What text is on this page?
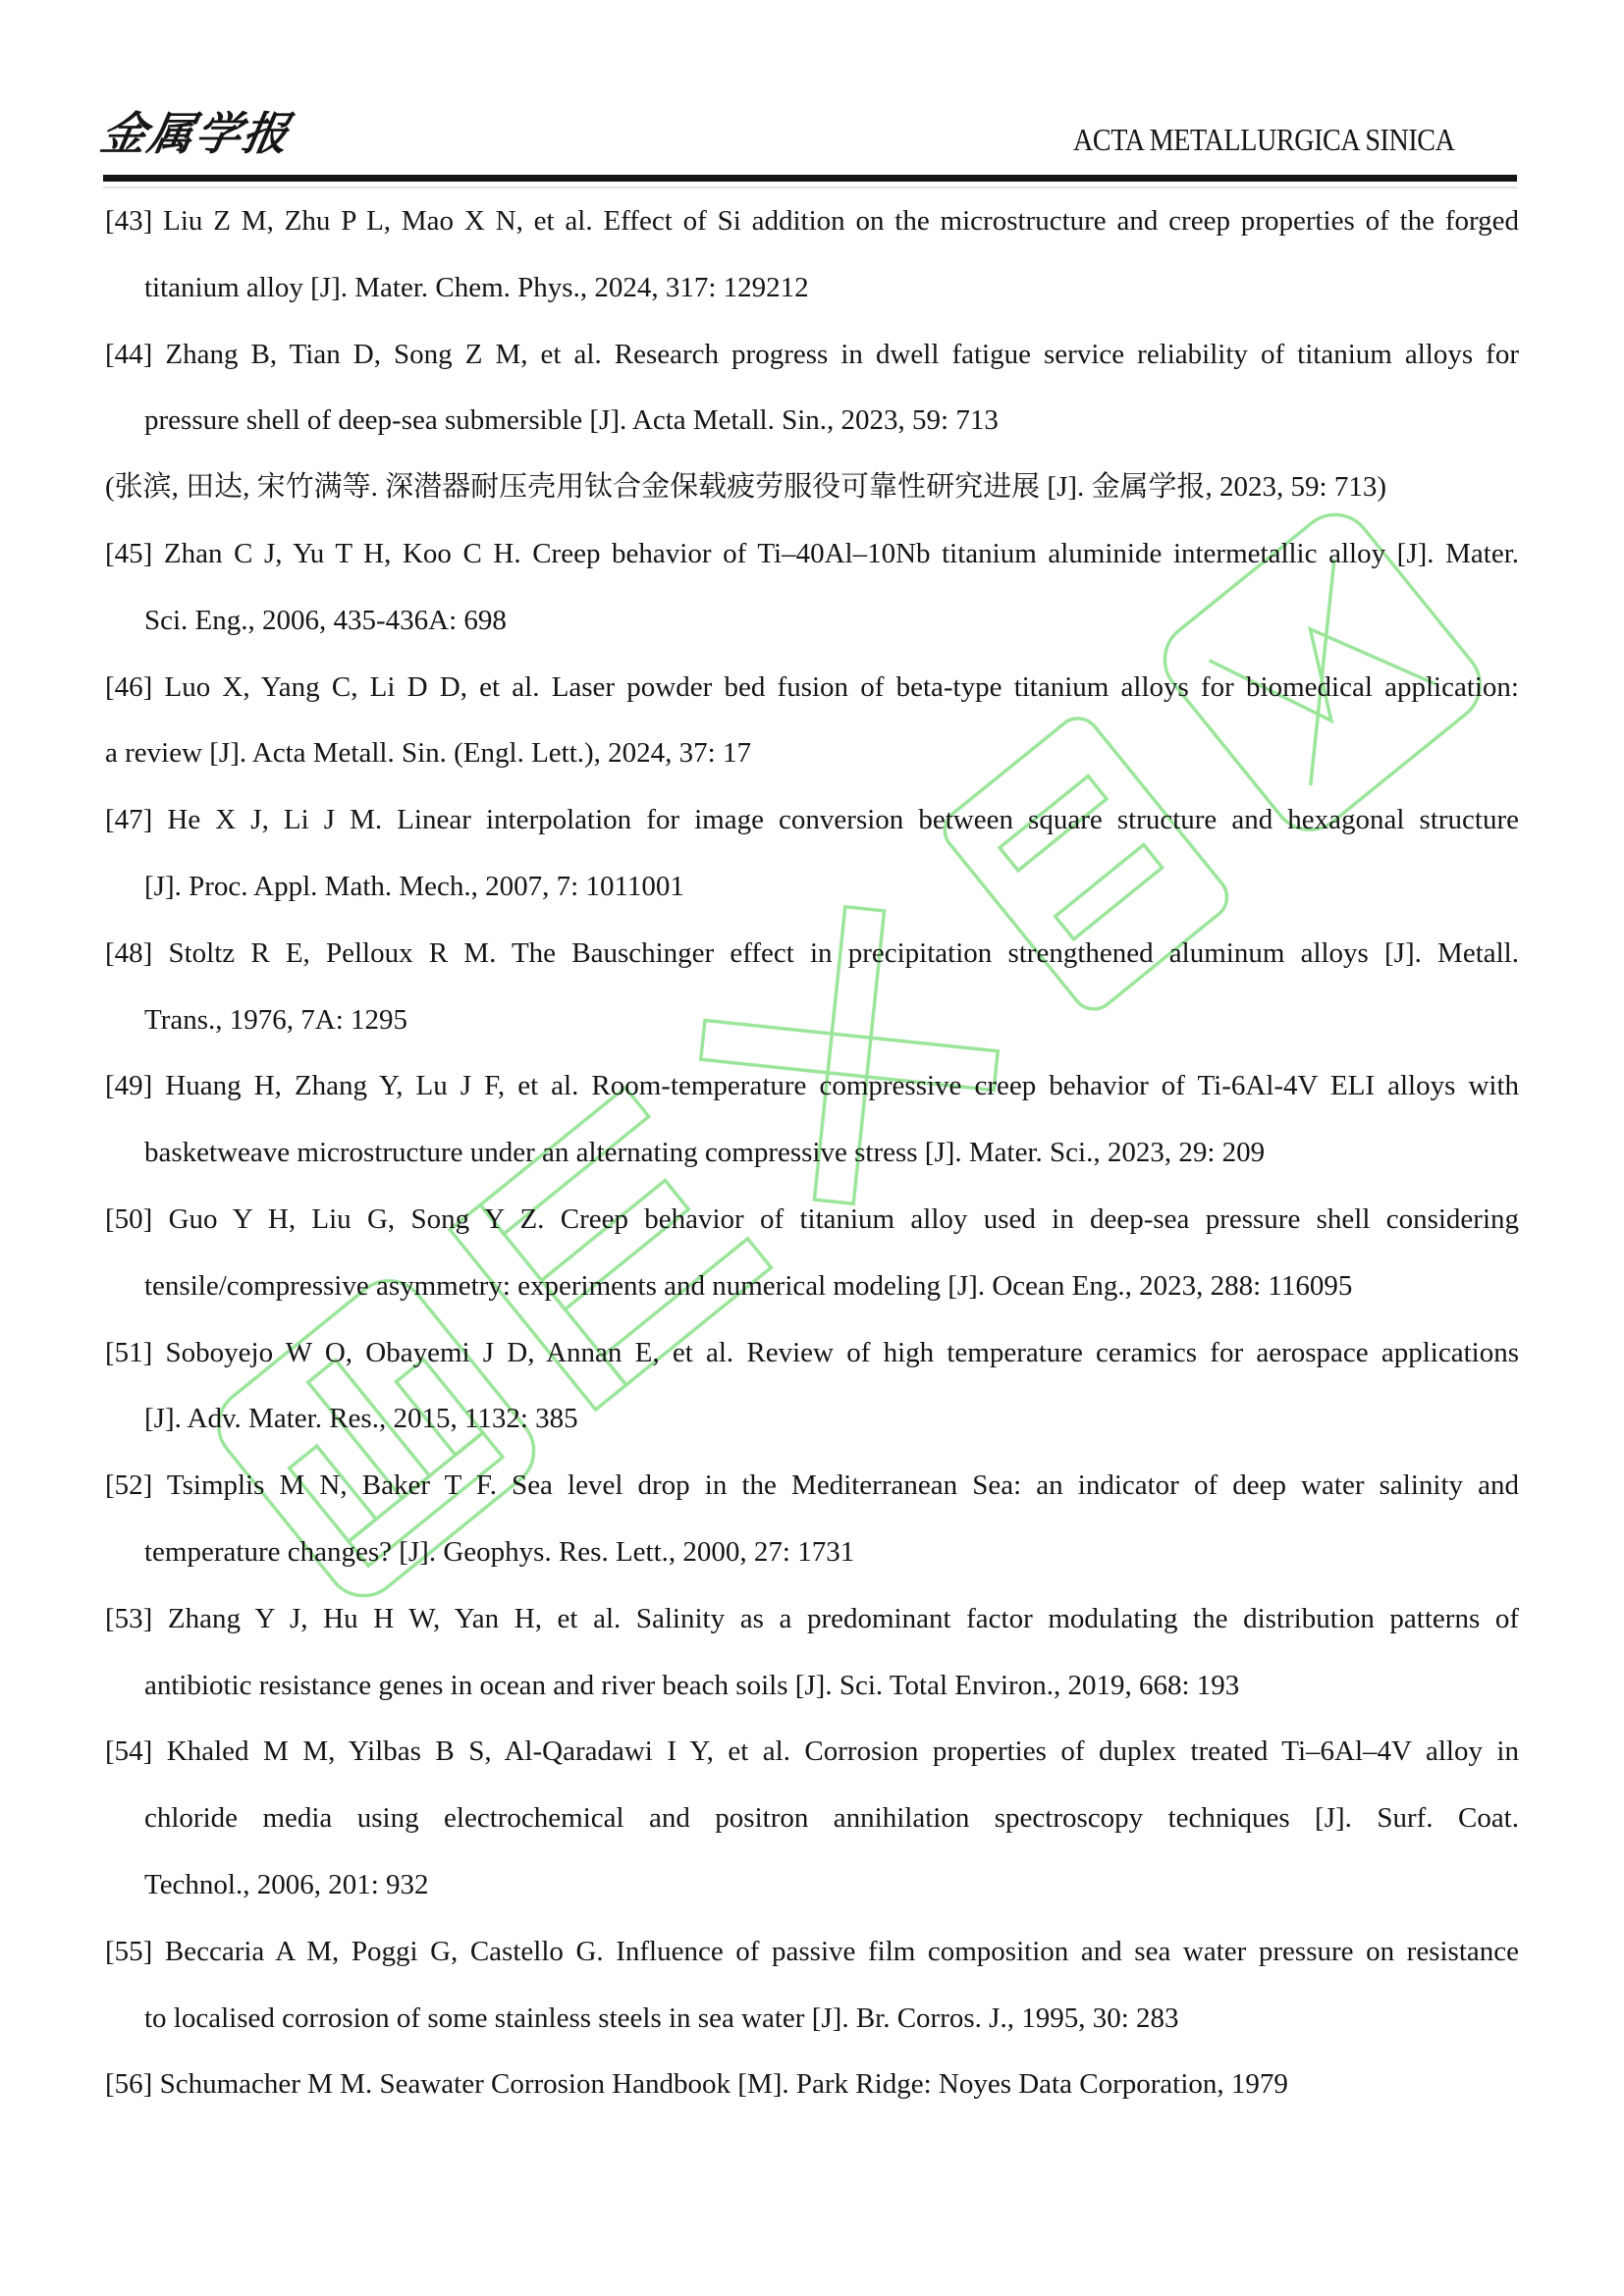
金属学报	ACTA METALLURGICA SINICA
[43] Liu Z M, Zhu P L, Mao X N, et al. Effect of Si addition on the microstructure and creep properties of the forged
titanium alloy [J]. Mater. Chem. Phys., 2024, 317: 129212
[44] Zhang B, Tian D, Song Z M, et al. Research progress in dwell fatigue service reliability of titanium alloys for
pressure shell of deep-sea submersible [J]. Acta Metall. Sin., 2023, 59: 713
(张滨, 田达, 宋竹满等. 深潜器耐压壳用钛合金保载疲劳服役可靠性研究进展 [J]. 金属学报, 2023, 59: 713)
[45] Zhan C J, Yu T H, Koo C H. Creep behavior of Ti–40Al–10Nb titanium aluminide intermetallic alloy [J]. Mater.
Sci. Eng., 2006, 435-436A: 698
[46] Luo X, Yang C, Li D D, et al. Laser powder bed fusion of beta-type titanium alloys for biomedical application:
a review [J]. Acta Metall. Sin. (Engl. Lett.), 2024, 37: 17
[47] He X J, Li J M. Linear interpolation for image conversion between square structure and hexagonal structure
[J]. Proc. Appl. Math. Mech., 2007, 7: 1011001
[48] Stoltz R E, Pelloux R M. The Bauschinger effect in precipitation strengthened aluminum alloys [J]. Metall.
Trans., 1976, 7A: 1295
[49] Huang H, Zhang Y, Lu J F, et al. Room-temperature compressive creep behavior of Ti-6Al-4V ELI alloys with
basketweave microstructure under an alternating compressive stress [J]. Mater. Sci., 2023, 29: 209
[50] Guo Y H, Liu G, Song Y Z. Creep behavior of titanium alloy used in deep-sea pressure shell considering
tensile/compressive asymmetry: experiments and numerical modeling [J]. Ocean Eng., 2023, 288: 116095
[51] Soboyejo W O, Obayemi J D, Annan E, et al. Review of high temperature ceramics for aerospace applications
[J]. Adv. Mater. Res., 2015, 1132: 385
[52] Tsimplis M N, Baker T F. Sea level drop in the Mediterranean Sea: an indicator of deep water salinity and
temperature changes? [J]. Geophys. Res. Lett., 2000, 27: 1731
[53] Zhang Y J, Hu H W, Yan H, et al. Salinity as a predominant factor modulating the distribution patterns of
antibiotic resistance genes in ocean and river beach soils [J]. Sci. Total Environ., 2019, 668: 193
[54] Khaled M M, Yilbas B S, Al-Qaradawi I Y, et al. Corrosion properties of duplex treated Ti–6Al–4V alloy in
chloride media using electrochemical and positron annihilation spectroscopy techniques [J]. Surf. Coat.
Technol., 2006, 201: 932
[55] Beccaria A M, Poggi G, Castello G. Influence of passive film composition and sea water pressure on resistance
to localised corrosion of some stainless steels in sea water [J]. Br. Corros. J., 1995, 30: 283
[56] Schumacher M M. Seawater Corrosion Handbook [M]. Park Ridge: Noyes Data Corporation, 1979
